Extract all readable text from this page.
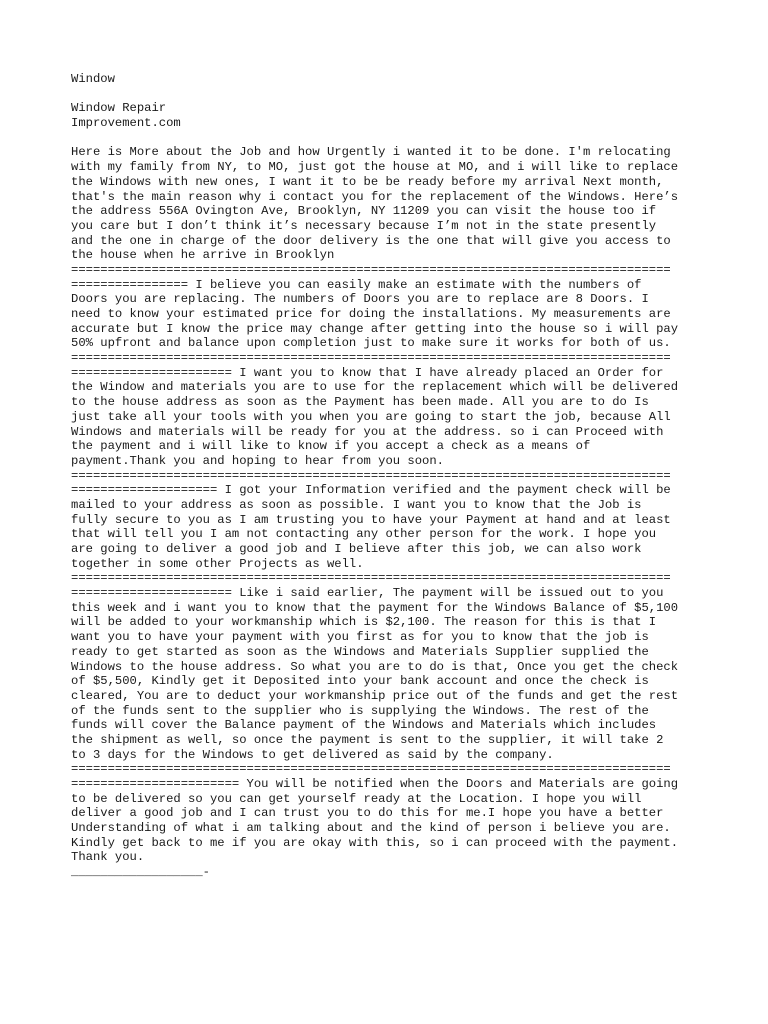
Window
Window Repair
Improvement.com
Here is More about the Job and how Urgently i wanted it to be done. I'm relocating
with my family from NY, to MO, just got the house at MO, and i will like to replace
the Windows with new ones, I want it to be be ready before my arrival Next month,
that's the main reason why i contact you for the replacement of the Windows. Here’s
the address 556A Ovington Ave, Brooklyn, NY 11209 you can visit the house too if
you care but I don’t think it’s necessary because I’m not in the state presently
and the one in charge of the door delivery is the one that will give you access to
the house when he arrive in Brooklyn
==================================================================================
================ I believe you can easily make an estimate with the numbers of
Doors you are replacing. The numbers of Doors you are to replace are 8 Doors. I
need to know your estimated price for doing the installations. My measurements are
accurate but I know the price may change after getting into the house so i will pay
50% upfront and balance upon completion just to make sure it works for both of us.
==================================================================================
====================== I want you to know that I have already placed an Order for
the Window and materials you are to use for the replacement which will be delivered
to the house address as soon as the Payment has been made. All you are to do Is
just take all your tools with you when you are going to start the job, because All
Windows and materials will be ready for you at the address. so i can Proceed with
the payment and i will like to know if you accept a check as a means of
payment.Thank you and hoping to hear from you soon.
==================================================================================
==================== I got your Information verified and the payment check will be
mailed to your address as soon as possible. I want you to know that the Job is
fully secure to you as I am trusting you to have your Payment at hand and at least
that will tell you I am not contacting any other person for the work. I hope you
are going to deliver a good job and I believe after this job, we can also work
together in some other Projects as well.
==================================================================================
====================== Like i said earlier, The payment will be issued out to you
this week and i want you to know that the payment for the Windows Balance of $5,100
will be added to your workmanship which is $2,100. The reason for this is that I
want you to have your payment with you first as for you to know that the job is
ready to get started as soon as the Windows and Materials Supplier supplied the
Windows to the house address. So what you are to do is that, Once you get the check
of $5,500, Kindly get it Deposited into your bank account and once the check is
cleared, You are to deduct your workmanship price out of the funds and get the rest
of the funds sent to the supplier who is supplying the Windows. The rest of the
funds will cover the Balance payment of the Windows and Materials which includes
the shipment as well, so once the payment is sent to the supplier, it will take 2
to 3 days for the Windows to get delivered as said by the company.
==================================================================================
======================= You will be notified when the Doors and Materials are going
to be delivered so you can get yourself ready at the Location. I hope you will
deliver a good job and I can trust you to do this for me.I hope you have a better
Understanding of what i am talking about and the kind of person i believe you are.
Kindly get back to me if you are okay with this, so i can proceed with the payment.
Thank you.
__________________-
